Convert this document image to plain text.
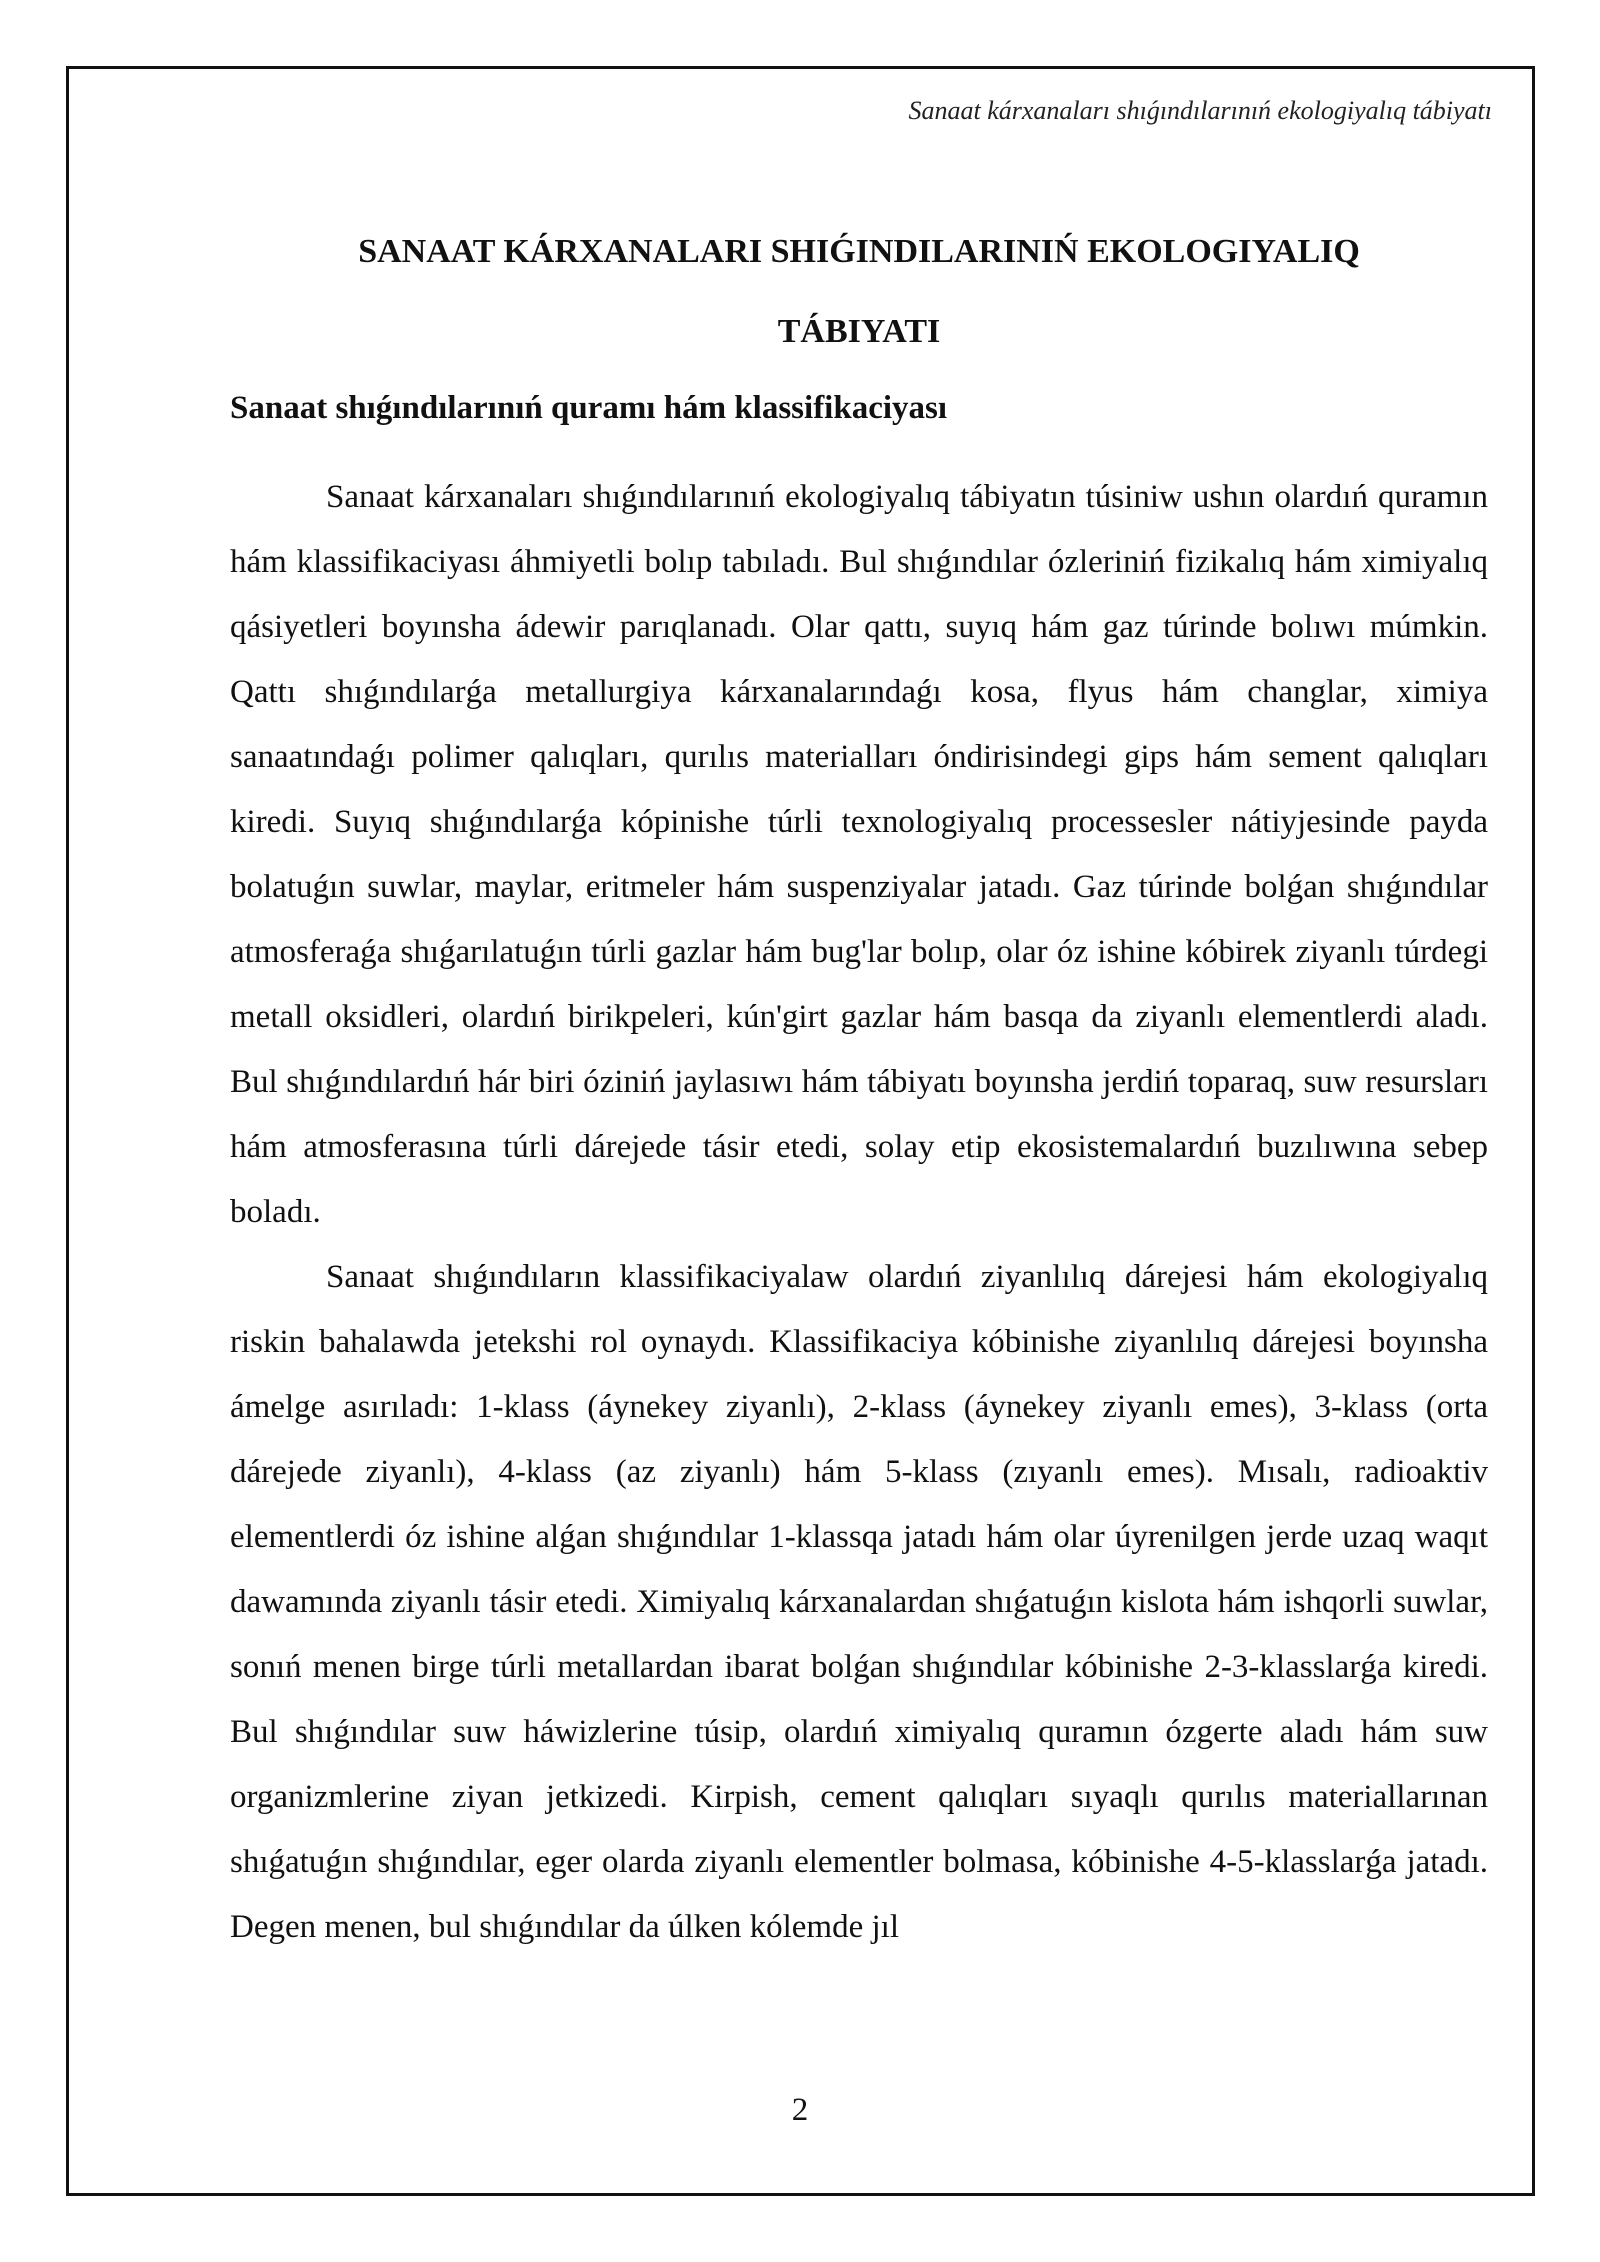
Sanaat kárxanaları shıǵındılarınıń ekologiyalıq tábiyatı
SANAAT KÁRXANALARI SHIǴINDILARINIŃ EKOLOGIYALIQ
TÁBIYATI
Sanaat shıǵındılarınıń quramı hám klassifikaciyası

Sanaat kárxanaları shıǵındılarınıń ekologiyalıq tábiyatın túsiniw ushın olardıń quramın hám klassifikaciyası áhmiyetli bolıp tabıladı. Bul shıǵındılar ózleriniń fizikalıq hám ximiyalıq qásiyetleri boyınsha ádewir parıqlanadı. Olar qattı, suyıq hám gaz túrinde bolıwı múmkin. Qattı shıǵındılarǵa metallurgiya kárxanalarındaǵı kosa, flyus hám changlar, ximiya sanaatındaǵı polimer qalıqları, qurılıs materialları óndirisindegi gips hám sement qalıqları kiredi. Suyıq shıǵındılarǵa kópinishe túrli texnologiyalıq processesler nátiyjesinde payda bolatuǵın suwlar, maylar, eritmeler hám suspenziyalar jatadı. Gaz túrinde bolǵan shıǵındılar atmosferaǵa shıǵarılatuǵın túrli gazlar hám bug'lar bolıp, olar óz ishine kóbirek ziyanlı túrdegi metall oksidleri, olardıń birikpeleri, kún'girt gazlar hám basqa da ziyanlı elementlerdi aladı. Bul shıǵındılardıń hár biri óziniń jaylasıwı hám tábiyatı boyınsha jerdiń toparaq, suw resursları hám atmosferasına túrli dárejede tásir etedi, solay etip ekosistemalardıń buzılıwına sebep boladı.

Sanaat shıǵındıların klassifikaciyalaw olardıń ziyanlılıq dárejesi hám ekologiyalıq riskin bahalawda jetekshi rol oynaydı. Klassifikaciya kóbinishe ziyanlılıq dárejesi boyınsha ámelge asırıladı: 1-klass (áynekey ziyanlı), 2-klass (áynekey ziyanlı emes), 3-klass (orta dárejede ziyanlı), 4-klass (az ziyanlı) hám 5-klass (zıyanlı emes). Mısalı, radioaktiv elementlerdi óz ishine alǵan shıǵındılar 1-klassqa jatadı hám olar úyrenilgen jerde uzaq waqıt dawamında ziyanlı tásir etedi. Ximiyalıq kárxanalardan shıǵatuǵın kislota hám ishqorli suwlar, sonıń menen birge túrli metallardan ibarat bolǵan shıǵındılar kóbinishe 2-3-klasslarǵa kiredi. Bul shıǵındılar suw háwizlerine túsip, olardıń ximiyalıq quramın ózgerte aladı hám suw organizmlerine ziyan jetkizedi. Kirpish, cement qalıqları sıyaqlı qurılıs materiallarınan shıǵatuǵın shıǵındılar, eger olarda ziyanlı elementler bolmasa, kóbinishe 4-5-klasslarǵa jatadı. Degen menen, bul shıǵındılar da úlken kólemde jıl

2
